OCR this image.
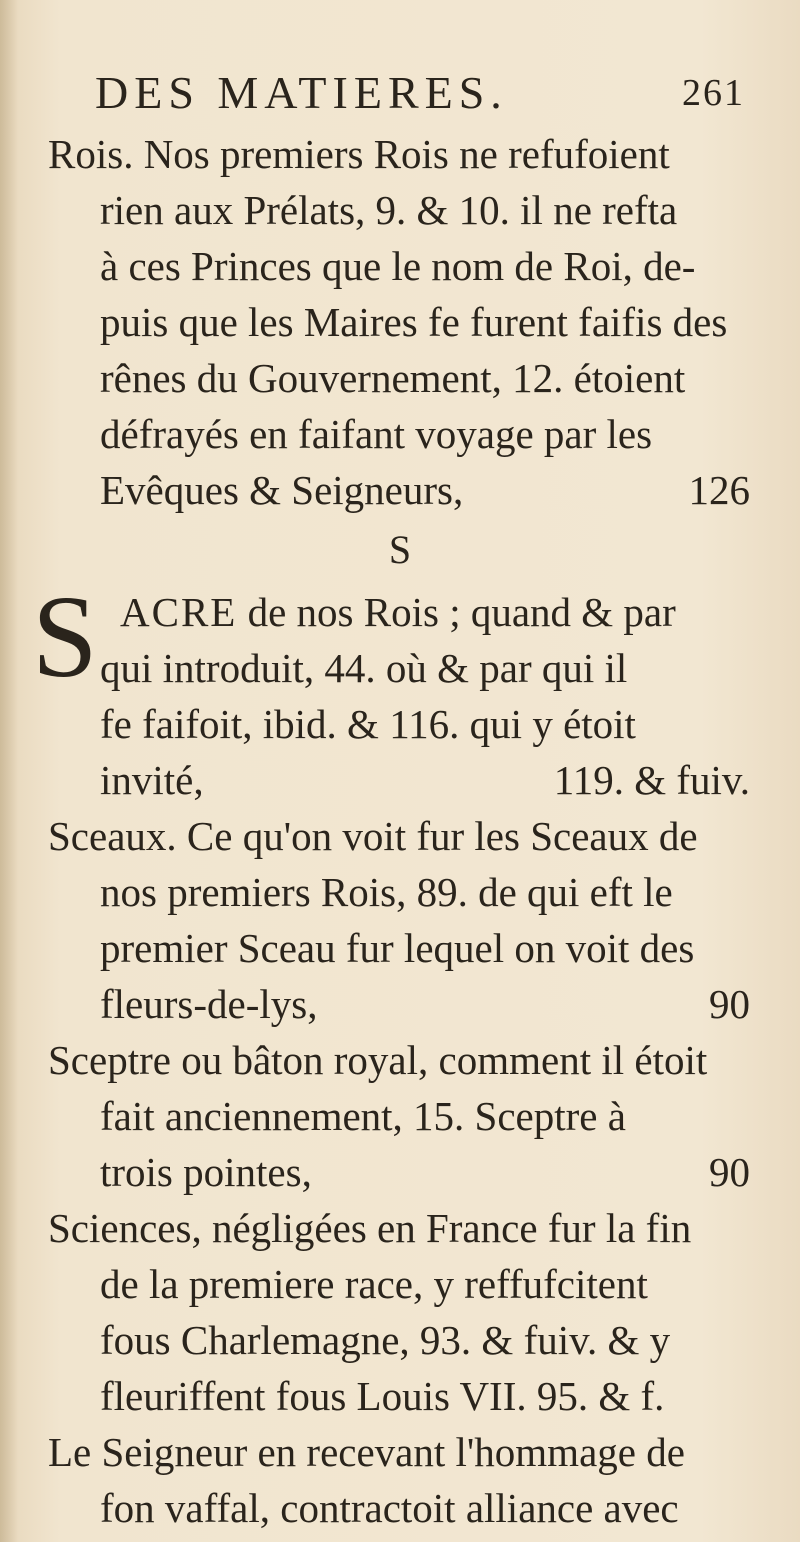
DES MATIERES.	261
Rois. Nos premiers Rois ne refufoient
rien aux Prélats, 9. & 10. il ne refta
à ces Princes que le nom de Roi, de-
puis que les Maires fe furent faifis des
rênes du Gouvernement, 12. étoient
défrayés en faifant voyage par les
Evêques & Seigneurs,	126
S
S ACRE de nos Rois ; quand & par
qui introduit, 44. où & par qui il
fe faifoit, ibid. & 116. qui y étoit
invité,	119. & fuiv.
Sceaux. Ce qu'on voit fur les Sceaux de
nos premiers Rois, 89. de qui eft le
premier Sceau fur lequel on voit des
fleurs-de-lys,	90
Sceptre ou bâton royal, comment il étoit
fait anciennement, 15. Sceptre à
trois pointes,	90
Sciences, négligées en France fur la fin
de la premiere race, y reffufcitent
fous Charlemagne, 93. & fuiv. & y
fleuriffent fous Louis VII. 95. & f.
Le Seigneur en recevant l'hommage de
fon vaffal, contractoit alliance avec
